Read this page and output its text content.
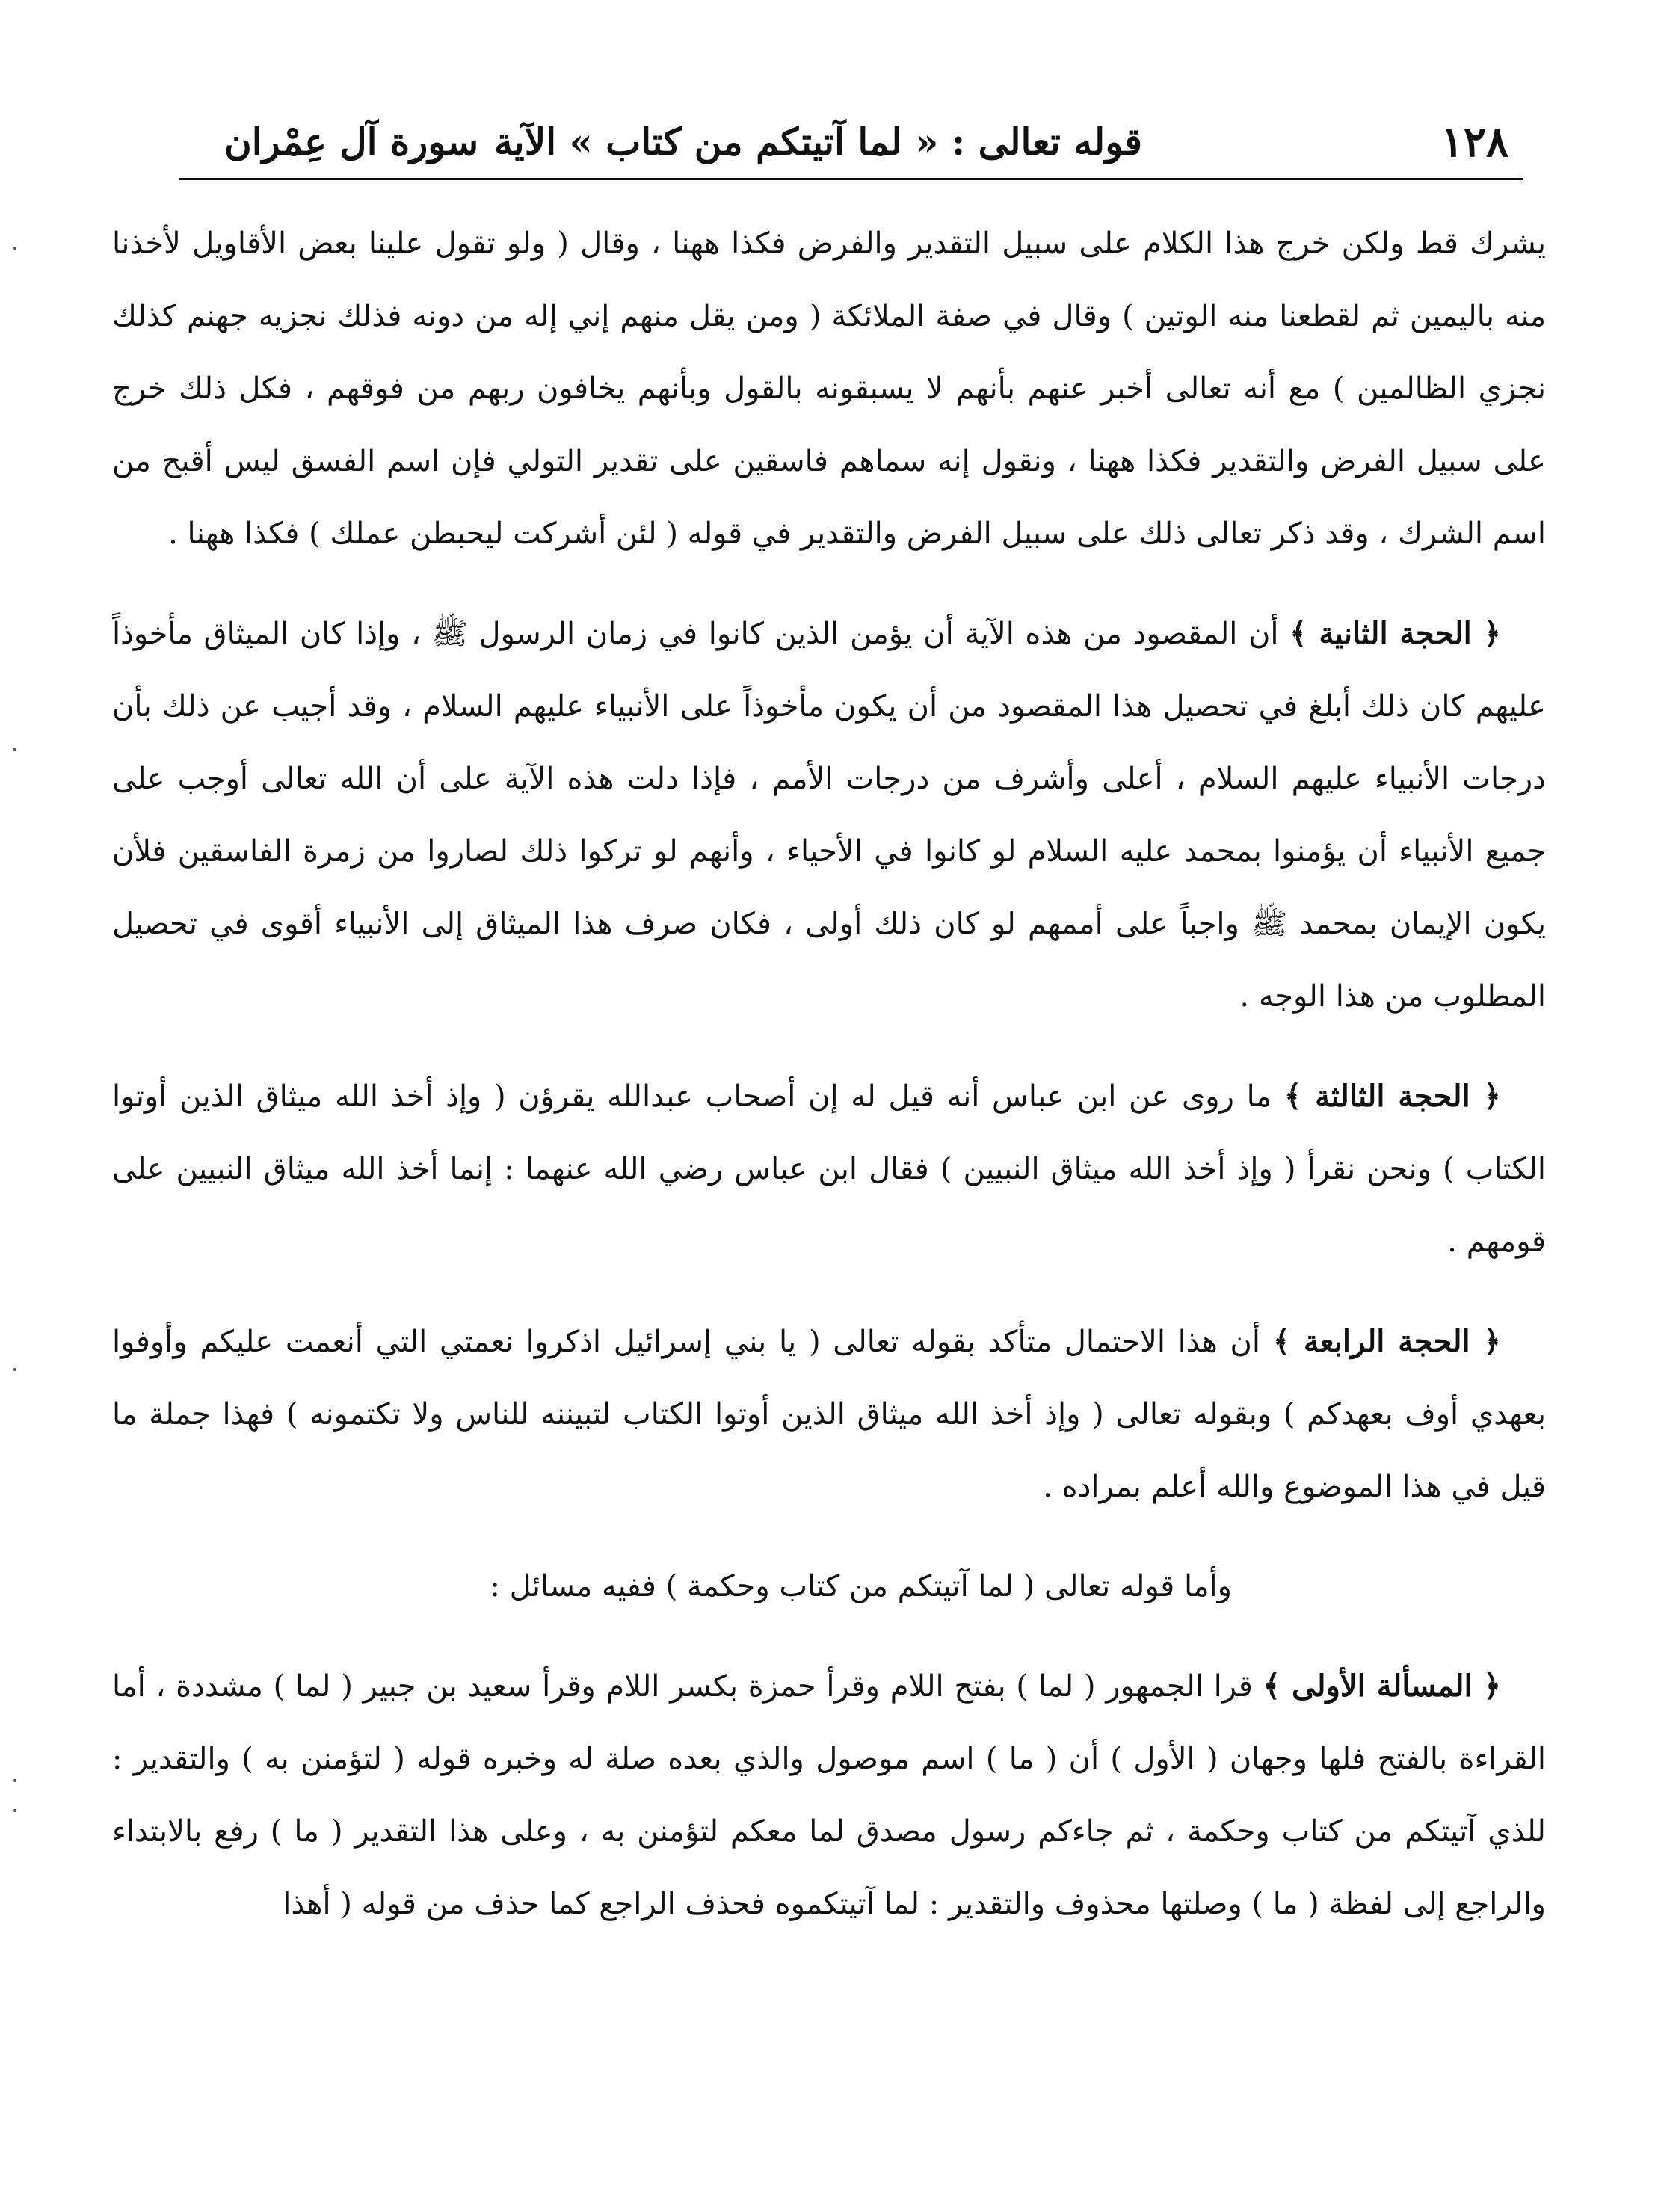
١٢٨
قوله تعالى : « لما آتيتكم من كتاب » الآية
سورة آل عِمْران

يشرك قط ولكن خرج هذا الكلام على سبيل التقدير والفرض فكذا ههنا ، وقال ( ولو تقول علينا بعض الأقاويل لأخذنا منه باليمين ثم لقطعنا منه الوتين ) وقال في صفة الملائكة ( ومن يقل منهم إني إله من دونه فذلك نجزيه جهنم كذلك نجزي الظالمين ) مع أنه تعالى أخبر عنهم بأنهم لا يسبقونه بالقول وبأنهم يخافون ربهم من فوقهم ، فكل ذلك خرج على سبيل الفرض والتقدير فكذا ههنا ، ونقول إنه سماهم فاسقين على تقدير التولي فإن اسم الفسق ليس أقبح من اسم الشرك ، وقد ذكر تعالى ذلك على سبيل الفرض والتقدير في قوله ( لئن أشركت ليحبطن عملك ) فكذا ههنا .

﴿ الحجة الثانية ﴾ أن المقصود من هذه الآية أن يؤمن الذين كانوا في زمان الرسول ﷺ ، وإذا كان الميثاق مأخوذاً عليهم كان ذلك أبلغ في تحصيل هذا المقصود من أن يكون مأخوذاً على الأنبياء عليهم السلام ، وقد أجيب عن ذلك بأن درجات الأنبياء عليهم السلام ، أعلى وأشرف من درجات الأمم ، فإذا دلت هذه الآية على أن الله تعالى أوجب على جميع الأنبياء أن يؤمنوا بمحمد عليه السلام لو كانوا في الأحياء ، وأنهم لو تركوا ذلك لصاروا من زمرة الفاسقين فلأن يكون الإيمان بمحمد ﷺ واجباً على أممهم لو كان ذلك أولى ، فكان صرف هذا الميثاق إلى الأنبياء أقوى في تحصيل المطلوب من هذا الوجه .

﴿ الحجة الثالثة ﴾ ما روى عن ابن عباس أنه قيل له إن أصحاب عبدالله يقرؤن ( وإذ أخذ الله ميثاق الذين أوتوا الكتاب ) ونحن نقرأ ( وإذ أخذ الله ميثاق النبيين ) فقال ابن عباس رضي الله عنهما : إنما أخذ الله ميثاق النبيين على قومهم .

﴿ الحجة الرابعة ﴾ أن هذا الاحتمال متأكد بقوله تعالى ( يا بني إسرائيل اذكروا نعمتي التي أنعمت عليكم وأوفوا بعهدي أوف بعهدكم ) وبقوله تعالى ( وإذ أخذ الله ميثاق الذين أوتوا الكتاب لتبيننه للناس ولا تكتمونه ) فهذا جملة ما قيل في هذا الموضوع والله أعلم بمراده .

وأما قوله تعالى ( لما آتيتكم من كتاب وحكمة ) ففيه مسائل :

﴿ المسألة الأولى ﴾ قرا الجمهور ( لما ) بفتح اللام وقرأ حمزة بكسر اللام وقرأ سعيد بن جبير ( لما ) مشددة ، أما القراءة بالفتح فلها وجهان ( الأول ) أن ( ما ) اسم موصول والذي بعده صلة له وخبره قوله ( لتؤمنن به ) والتقدير : للذي آتيتكم من كتاب وحكمة ، ثم جاءكم رسول مصدق لما معكم لتؤمنن به ، وعلى هذا التقدير ( ما ) رفع بالابتداء والراجع إلى لفظة ( ما ) وصلتها محذوف والتقدير : لما آتيتكموه فحذف الراجع كما حذف من قوله ( أهذا
